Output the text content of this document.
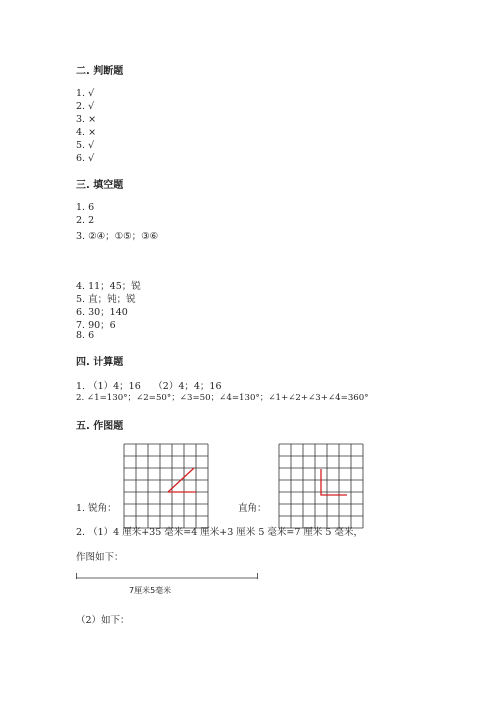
二. 判断题
1. √
2. √
3. ×
4. ×
5. √
6. √
三. 填空题
1. 6
2. 2
3. ②④；①⑤；③⑥
4. 11；45；锐
5. 直；钝；锐
6. 30；140
7. 90；6
8. 6
四. 计算题
1. （1）4；16　 （2）4；4；16
2. ∠1=130°；∠2=50°；∠3=50；∠4=130°；∠1+∠2+∠3+∠4=360°
五. 作图题
1. 锐角：	直角：
2. （1）4 厘米+35 毫米=4 厘米+3 厘米 5 毫米=7 厘米 5 毫米，
作图如下：
7厘米5毫米
（2）如下：
